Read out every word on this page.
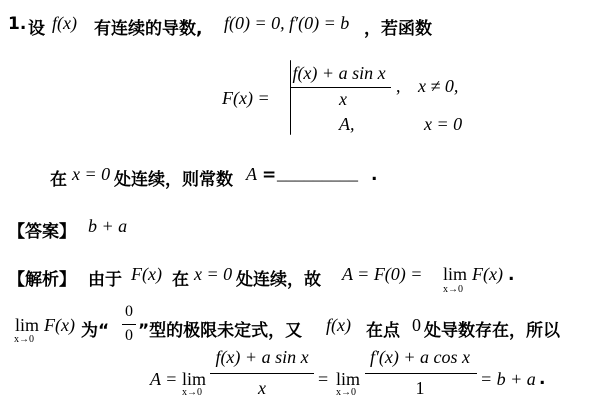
1. 设 f(x) 有连续的导数, f(0) = 0, f′(0) = b ，若函数
F(x) =
f(x) + a sin x
x
, x ≠ 0,
A,	x = 0
在 x = 0 处连续，则常数 A = _________ .
【答案】 b + a
【解析】 由于 F(x) 在 x = 0 处连续，故 A = F(0) = lim
x→0
F(x) .
lim
x→0
F(x) 为“
0
0 ”型的极限未定式，又 f(x) 在点 0 处导数存在，所以
A = lim
x→0
f(x) + a sin x
x	= lim
x→0
f′(x) + a cos x
1	= b + a .
